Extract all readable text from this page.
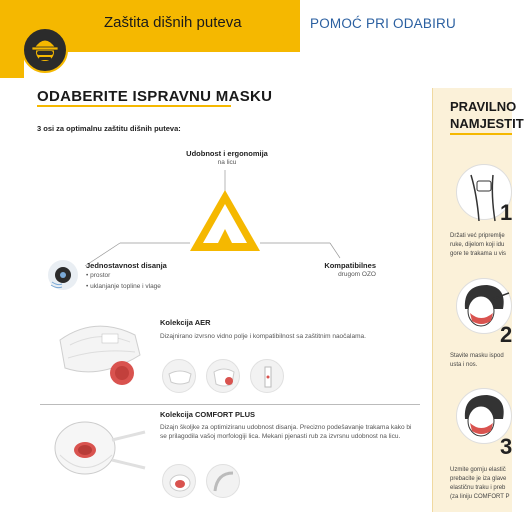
Zaštita dišnih puteva	POMOĆ PRI ODABIRU
ODABERITE ISPRAVNU MASKU
3 osi za optimalnu zaštitu dišnih puteva:
Udobnost i ergonomija
na licu
Jednostavnost disanja
• prostor
• uklanjanje topline i vlage
Kompatibilnes
drugom OZO
Kolekcija AER
Dizajnirano izvrsno vidno polje i kompatibilnost sa zaštitnim naočalama.
Kolekcija COMFORT PLUS
Dizajn školjke za optimiziranu udobnost disanja. Precizno podešavanje trakama kako bi se prilagodila vašoj morfologiji lica. Mekani pjenasti rub za izvrsnu udobnost na licu.
PRAVILNO
NAMJESTIT
1
Držati već pripremlje
ruke, dijelom koji idu
gore te trakama u vis
2
Stavite masku ispod
usta i nos.
3
Uzmite gornju elastič
prebacite je iza glave
elastičnu traku i preb
(za liniju COMFORT P
